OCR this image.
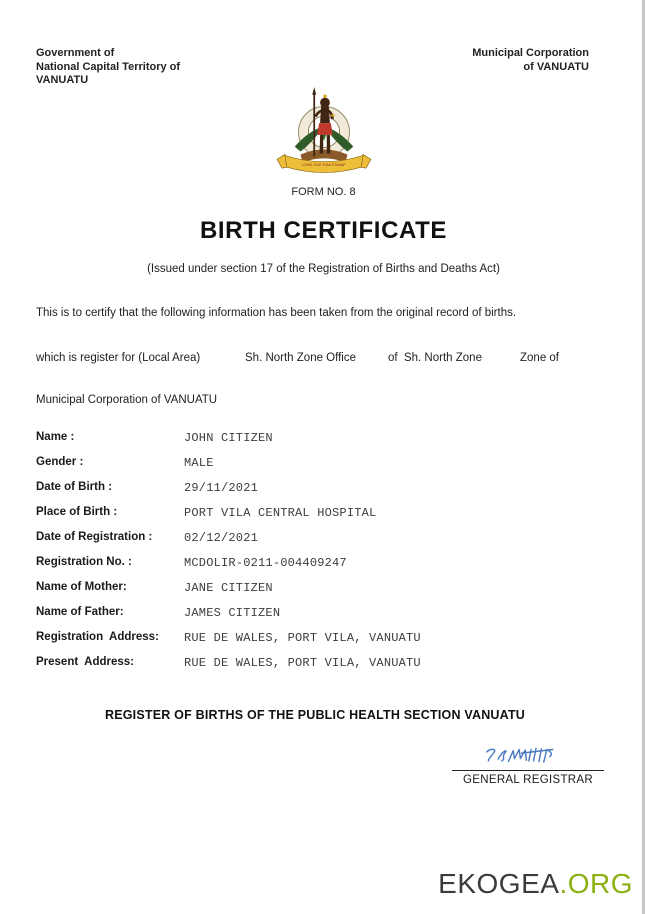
Government of
National Capital Territory of
VANUATU
Municipal Corporation
of VANUATU
LONG GOD YUMI STANAP
FORM NO. 8
BIRTH CERTIFICATE
(Issued under section 17 of the Registration of Births and Deaths Act)
This is to certify that the following information has been taken from the original record of births.
which is register for (Local Area)	Sh. North Zone Office	of  Sh. North Zone	Zone of
Municipal Corporation of VANUATU
Name :	JOHN CITIZEN
Gender :	MALE
Date of Birth :	29/11/2021
Place of Birth :	PORT VILA CENTRAL HOSPITAL
Date of Registration :	02/12/2021
Registration No. :	MCDOLIR-0211-004409247
Name of Mother:	JANE CITIZEN
Name of Father:	JAMES CITIZEN
Registration  Address: RUE DE WALES, PORT VILA, VANUATU
Present  Address:	RUE DE WALES, PORT VILA, VANUATU
REGISTER OF BIRTHS OF THE PUBLIC HEALTH SECTION VANUATU
GENERAL REGISTRAR
EKOGEA.ORG
